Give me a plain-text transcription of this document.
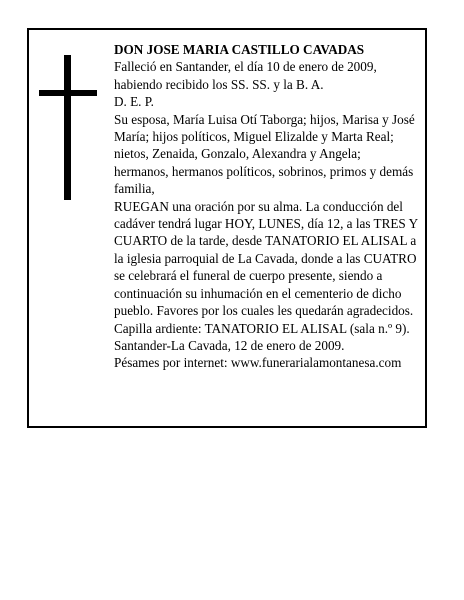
DON JOSE MARIA CASTILLO CAVADAS

Falleció en Santander, el día 10 de enero de 2009, habiendo recibido los SS. SS. y la B. A.

D. E. P.

Su esposa, María Luisa Otí Taborga; hijos, Marisa y José María; hijos políticos, Miguel Elizalde y Marta Real; nietos, Zenaida, Gonzalo, Alexandra y Angela; hermanos, hermanos políticos, sobrinos, primos y demás familia,

RUEGAN una oración por su alma. La conducción del cadáver tendrá lugar HOY, LUNES, día 12, a las TRES Y CUARTO de la tarde, desde TANATORIO EL ALISAL a la iglesia parroquial de La Cavada, donde a las CUATRO se celebrará el funeral de cuerpo presente, siendo a continuación su inhumación en el cementerio de dicho pueblo. Favores por los cuales les quedarán agradecidos. Capilla ardiente: TANATORIO EL ALISAL (sala n.º 9).

Santander-La Cavada, 12 de enero de 2009.

Pésames por internet: www.funerarialamontanesa.com
